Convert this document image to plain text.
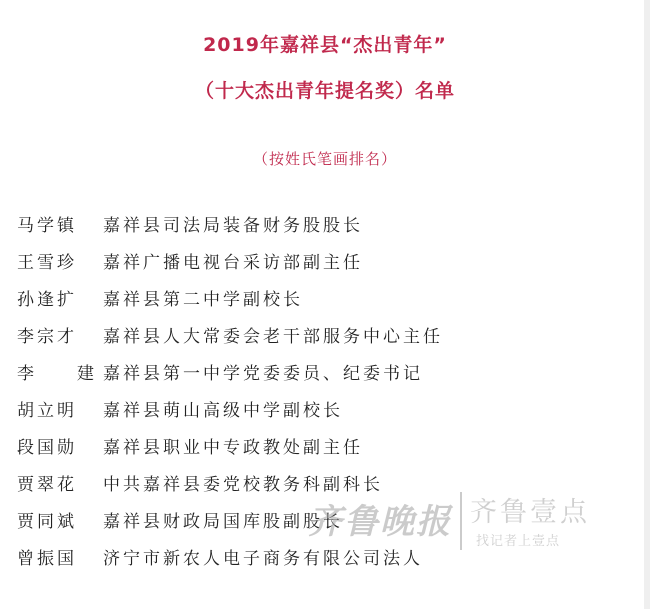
2019年嘉祥县“杰出青年”
（十大杰出青年提名奖）名单
（按姓氏笔画排名）
马学镇 嘉祥县司法局装备财务股股长
王雪珍 嘉祥广播电视台采访部副主任
孙逢扩 嘉祥县第二中学副校长
李宗才 嘉祥县人大常委会老干部服务中心主任
李　　建 嘉祥县第一中学党委委员、纪委书记
胡立明 嘉祥县萌山高级中学副校长
段国勋 嘉祥县职业中专政教处副主任
贾翠花 中共嘉祥县委党校教务科副科长
贾同斌 嘉祥县财政局国库股副股长
曾振国 济宁市新农人电子商务有限公司法人
齐鲁晚报 齐鲁壹点
找记者上壹点
